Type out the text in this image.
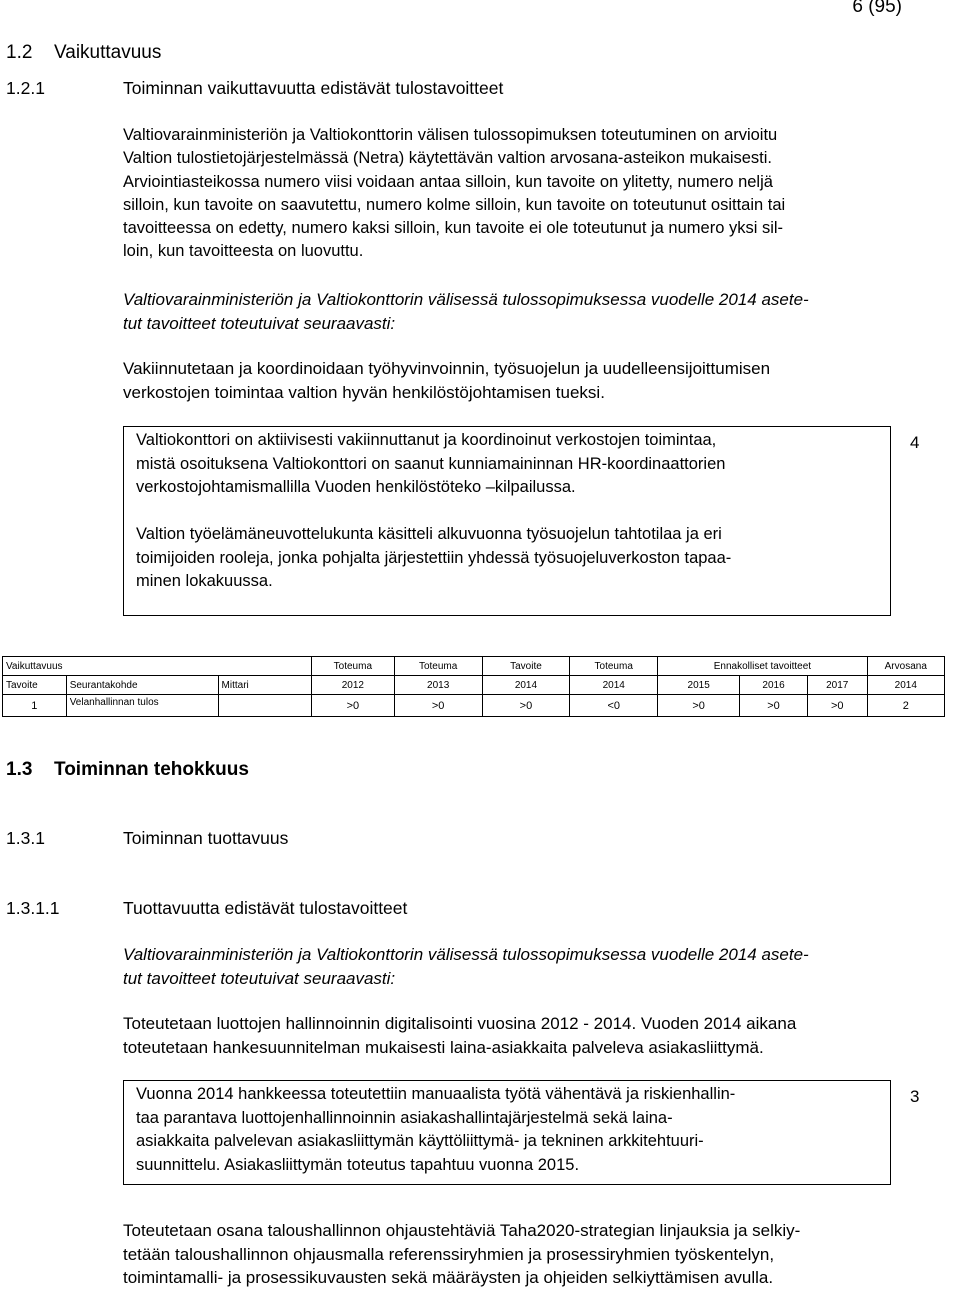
6 (95)
1.2 Vaikuttavuus
1.2.1	Toiminnan vaikuttavuutta edistävät tulostavoitteet
Valtiovarainministeriön ja Valtiokonttorin välisen tulossopimuksen toteutuminen on arvioitu
Valtion tulostietojärjestelmässä (Netra) käytettävän valtion arvosana-asteikon mukaisesti.
Arviointiasteikossa numero viisi voidaan antaa silloin, kun tavoite on ylitetty, numero neljä
silloin, kun tavoite on saavutettu, numero kolme silloin, kun tavoite on toteutunut osittain tai
tavoitteessa on edetty, numero kaksi silloin, kun tavoite ei ole toteutunut ja numero yksi sil-
loin, kun tavoitteesta on luovuttu.
Valtiovarainministeriön ja Valtiokonttorin välisessä tulossopimuksessa vuodelle 2014 asete-
tut tavoitteet toteutuivat seuraavasti:
Vakiinnutetaan ja koordinoidaan työhyvinvoinnin, työsuojelun ja uudelleensijoittumisen
verkostojen toimintaa valtion hyvän henkilöstöjohtamisen tueksi.
Valtiokonttori on aktiivisesti vakiinnuttanut ja koordinoinut verkostojen toimintaa,
mistä osoituksena Valtiokonttori on saanut kunniamaininnan HR-koordinaattorien
verkostojohtamismallilla Vuoden henkilöstöteko –kilpailussa.
Valtion työelämäneuvottelukunta käsitteli alkuvuonna työsuojelun tahtotilaa ja eri
toimijoiden rooleja, jonka pohjalta järjestettiin yhdessä työsuojeluverkoston tapaa-
minen lokakuussa.
4
Vaikuttavuus			Toteuma	Toteuma	Tavoite	Toteuma	Ennakolliset tavoitteet			Arvosana
Tavoite	Seurantakohde	Mittari	2012	2013	2014	2014	2015	2016	2017	2014
1	Velanhallinnan tulos		>0	>0	>0	<0	>0	>0	>0	2
1.3 Toiminnan tehokkuus
1.3.1	Toiminnan tuottavuus
1.3.1.1	Tuottavuutta edistävät tulostavoitteet
Valtiovarainministeriön ja Valtiokonttorin välisessä tulossopimuksessa vuodelle 2014 asete-
tut tavoitteet toteutuivat seuraavasti:
Toteutetaan luottojen hallinnoinnin digitalisointi vuosina 2012 - 2014. Vuoden 2014 aikana
toteutetaan hankesuunnitelman mukaisesti laina-asiakkaita palveleva asiakasliittymä.
Vuonna 2014 hankkeessa toteutettiin manuaalista työtä vähentävä ja riskienhallin-
taa parantava luottojenhallinnoinnin asiakashallintajärjestelmä sekä laina-
asiakkaita palvelevan asiakasliittymän käyttöliittymä- ja tekninen arkkitehtuuri-
suunnittelu. Asiakasliittymän toteutus tapahtuu vuonna 2015.
3
Toteutetaan osana taloushallinnon ohjaustehtäviä Taha2020-strategian linjauksia ja selkiy-
tetään taloushallinnon ohjausmalla referenssiryhmien ja prosessiryhmien työskentelyn,
toimintamalli- ja prosessikuvausten sekä määräysten ja ohjeiden selkiyttämisen avulla.
